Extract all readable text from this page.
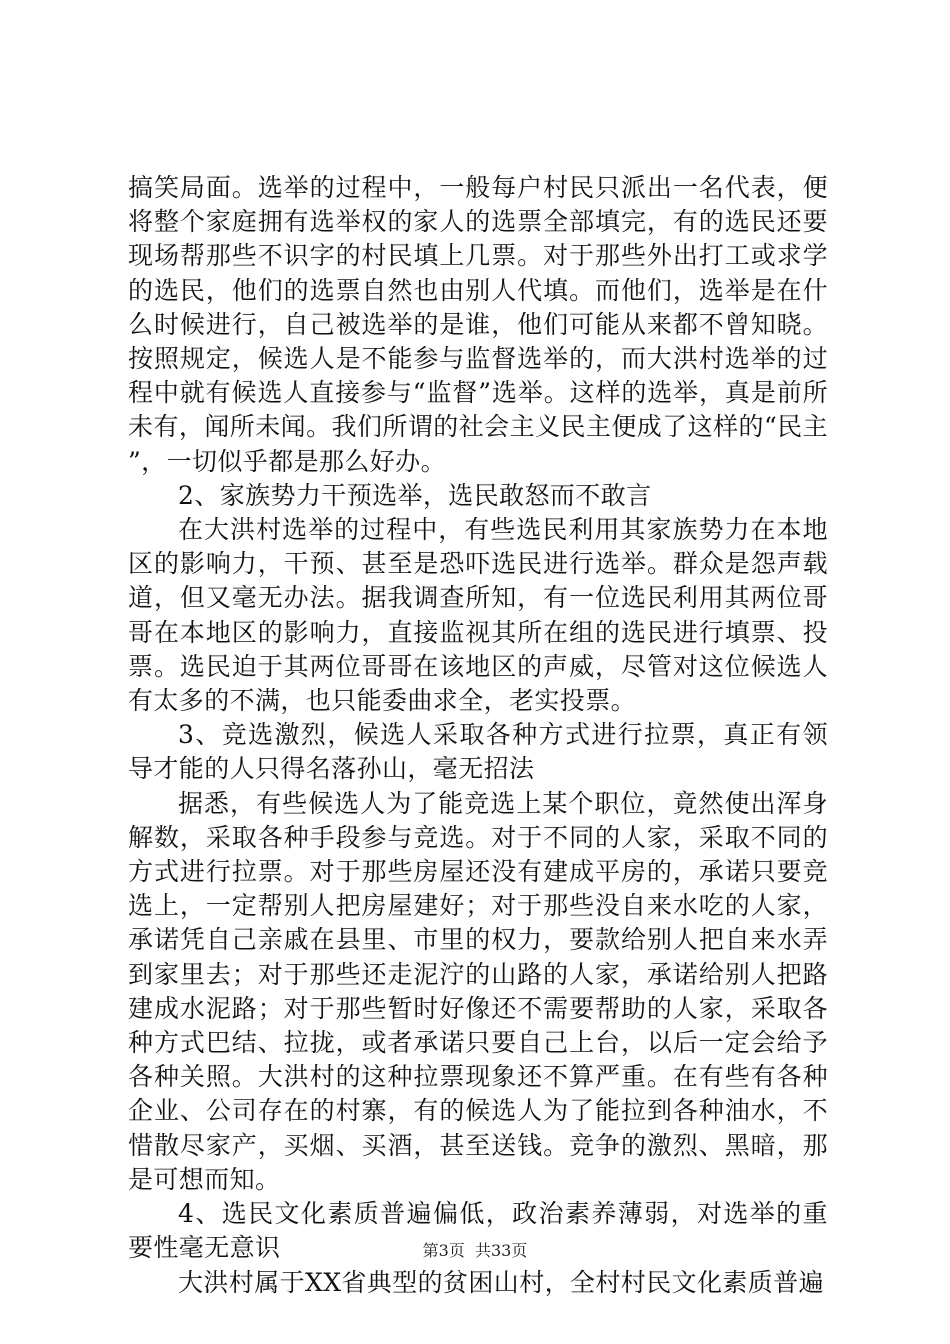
搞笑局面。选举的过程中，一般每户村民只派出一名代表，便将整个家庭拥有选举权的家人的选票全部填完，有的选民还要现场帮那些不识字的村民填上几票。对于那些外出打工或求学的选民，他们的选票自然也由别人代填。而他们，选举是在什么时候进行，自己被选举的是谁，他们可能从来都不曾知晓。按照规定，候选人是不能参与监督选举的，而大洪村选举的过程中就有候选人直接参与“监督”选举。这样的选举，真是前所未有，闻所未闻。我们所谓的社会主义民主便成了这样的“民主”，一切似乎都是那么好办。

2、家族势力干预选举，选民敢怒而不敢言

在大洪村选举的过程中，有些选民利用其家族势力在本地区的影响力，干预、甚至是恐吓选民进行选举。群众是怨声载道，但又毫无办法。据我调查所知，有一位选民利用其两位哥哥在本地区的影响力，直接监视其所在组的选民进行填票、投票。选民迫于其两位哥哥在该地区的声威，尽管对这位候选人有太多的不满，也只能委曲求全，老实投票。

3、竞选激烈，候选人采取各种方式进行拉票，真正有领导才能的人只得名落孙山，毫无招法

据悉，有些候选人为了能竞选上某个职位，竟然使出浑身解数，采取各种手段参与竞选。对于不同的人家，采取不同的方式进行拉票。对于那些房屋还没有建成平房的，承诺只要竞选上，一定帮别人把房屋建好；对于那些没自来水吃的人家，承诺凭自己亲戚在县里、市里的权力，要款给别人把自来水弄到家里去；对于那些还走泥泞的山路的人家，承诺给别人把路建成水泥路；对于那些暂时好像还不需要帮助的人家，采取各种方式巴结、拉拢，或者承诺只要自己上台，以后一定会给予各种关照。大洪村的这种拉票现象还不算严重。在有些有各种企业、公司存在的村寨，有的候选人为了能拉到各种油水，不惜散尽家产，买烟、买酒，甚至送钱。竞争的激烈、黑暗，那是可想而知。

4、选民文化素质普遍偏低，政治素养薄弱，对选举的重要性毫无意识

大洪村属于XX省典型的贫困山村，全村村民文化素质普遍

第3页  共33页
